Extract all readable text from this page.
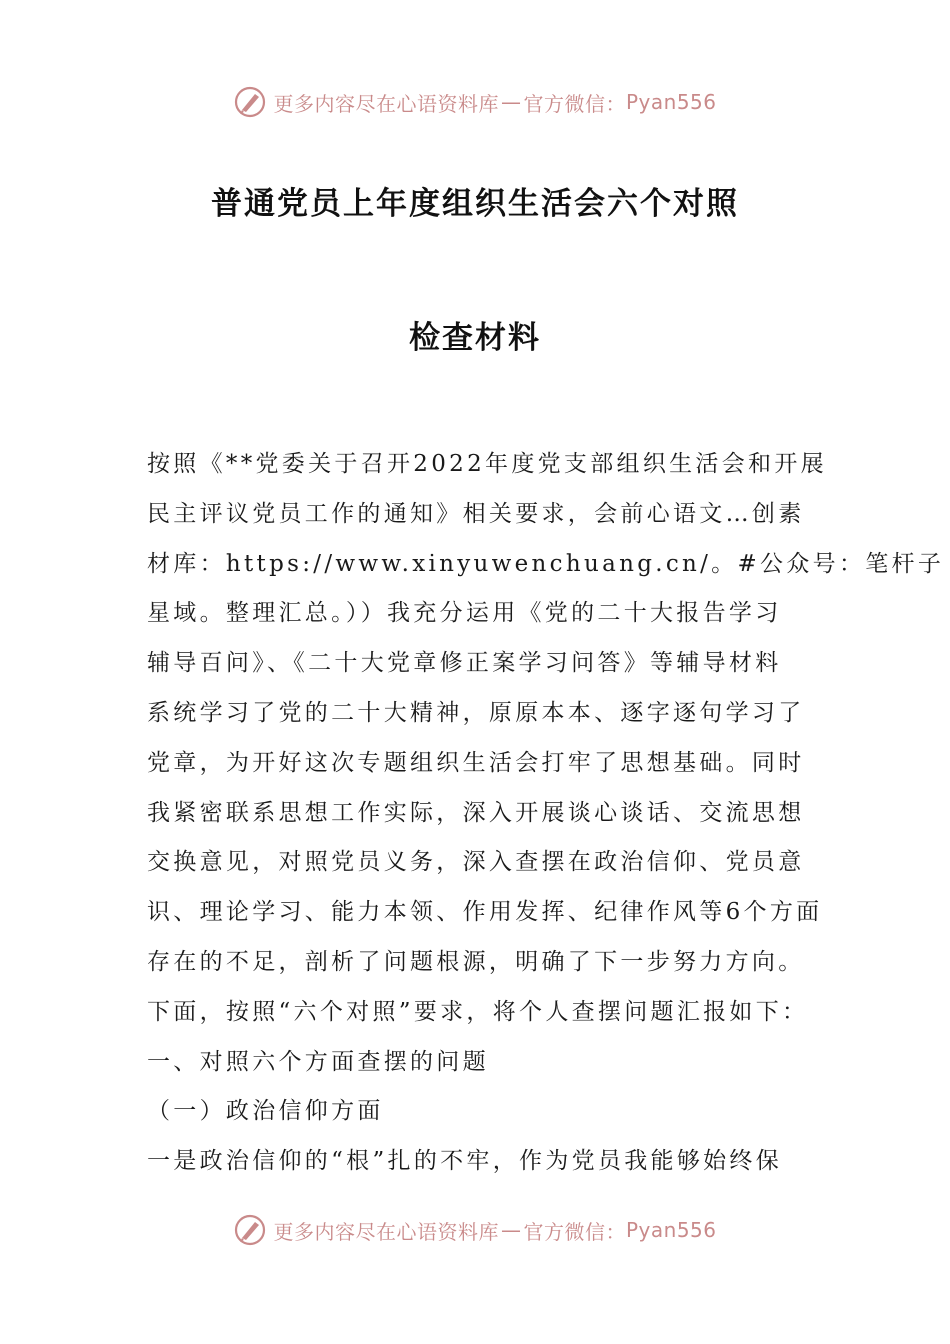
更多内容尽在心语资料库 — 官方微信： Pyan556
普通党员上年度组织生活会六个对照
检查材料
按照《**党委关于召开2022年度党支部组织生活会和开展
民主评议党员工作的通知》相关要求，会前心语文…创素
材库：https://www.xinyuwenchuang.cn/。#公众号：笔杆子
星域。整理汇总。））我充分运用《党的二十大报告学习
辅导百问》、《二十大党章修正案学习问答》等辅导材料
系统学习了党的二十大精神，原原本本、逐字逐句学习了
党章，为开好这次专题组织生活会打牢了思想基础。同时
我紧密联系思想工作实际，深入开展谈心谈话、交流思想
交换意见，对照党员义务，深入查摆在政治信仰、党员意
识、理论学习、能力本领、作用发挥、纪律作风等6个方面
存在的不足，剖析了问题根源，明确了下一步努力方向。
下面，按照“六个对照”要求，将个人查摆问题汇报如下：
一、对照六个方面查摆的问题
（一）政治信仰方面
一是政治信仰的“根”扎的不牢，作为党员我能够始终保
更多内容尽在心语资料库 — 官方微信： Pyan556
